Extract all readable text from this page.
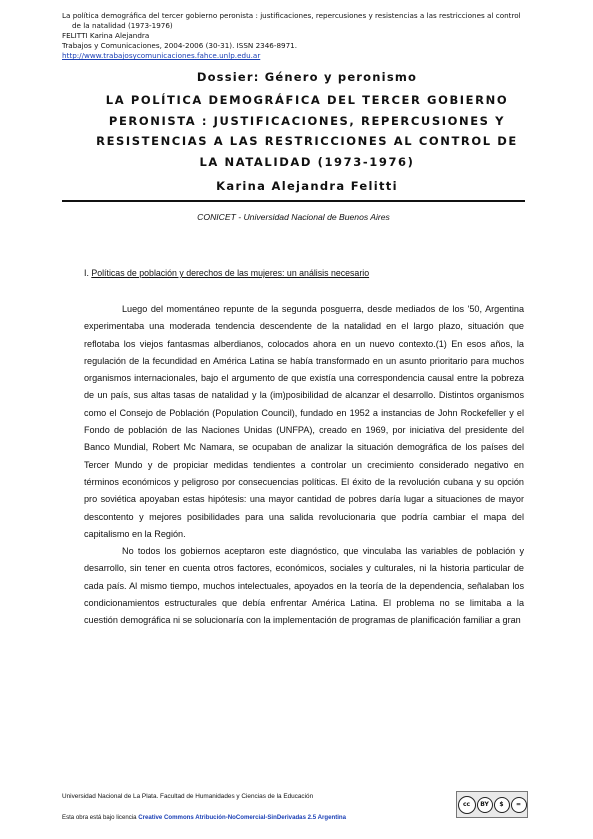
La política demográfica del tercer gobierno peronista : justificaciones, repercusiones y resistencias a las restricciones al control
de la natalidad (1973-1976)
FELITTI Karina Alejandra
Trabajos y Comunicaciones, 2004-2006 (30-31). ISSN 2346-8971.
http://www.trabajosycomunicaciones.fahce.unlp.edu.ar
Dossier: Género y peronismo
LA POLÍTICA DEMOGRÁFICA DEL TERCER GOBIERNO
PERONISTA : JUSTIFICACIONES, REPERCUSIONES Y
RESISTENCIAS A LAS RESTRICCIONES AL CONTROL DE
LA NATALIDAD (1973-1976)
Karina Alejandra Felitti
CONICET - Universidad Nacional de Buenos Aires
I. Políticas de población y derechos de las mujeres: un análisis necesario

Luego del momentáneo repunte de la segunda posguerra, desde mediados de los '50, Argentina experimentaba una moderada tendencia descendente de la natalidad en el largo plazo, situación que reflotaba los viejos fantasmas alberdianos, colocados ahora en un nuevo contexto.(1) En esos años, la regulación de la fecundidad en América Latina se había transformado en un asunto prioritario para muchos organismos internacionales, bajo el argumento de que existía una correspondencia causal entre la pobreza de un país, sus altas tasas de natalidad y la (im)posibilidad de alcanzar el desarrollo. Distintos organismos como el Consejo de Población (Population Council), fundado en 1952 a instancias de John Rockefeller y el Fondo de población de las Naciones Unidas (UNFPA), creado en 1969, por iniciativa del presidente del Banco Mundial, Robert Mc Namara, se ocupaban de analizar la situación demográfica de los países del Tercer Mundo y de propiciar medidas tendientes a controlar un crecimiento considerado negativo en términos económicos y peligroso por consecuencias políticas. El éxito de la revolución cubana y su opción pro soviética apoyaban estas hipótesis: una mayor cantidad de pobres daría lugar a situaciones de mayor descontento y mejores posibilidades para una salida revolucionaria que podría cambiar el mapa del capitalismo en la Región.

No todos los gobiernos aceptaron este diagnóstico, que vinculaba las variables de población y desarrollo, sin tener en cuenta otros factores, económicos, sociales y culturales, ni la historia particular de cada país. Al mismo tiempo, muchos intelectuales, apoyados en la teoría de la dependencia, señalaban los condicionamientos estructurales que debía enfrentar América Latina. El problema no se limitaba a la cuestión demográfica ni se solucionaría con la implementación de programas de planificación familiar a gran

Universidad Nacional de La Plata. Facultad de Humanidades y Ciencias de la Educación
Esta obra está bajo licencia Creative Commons Atribución-NoComercial-SinDerivadas 2.5 Argentina
cc	BY	$	=
